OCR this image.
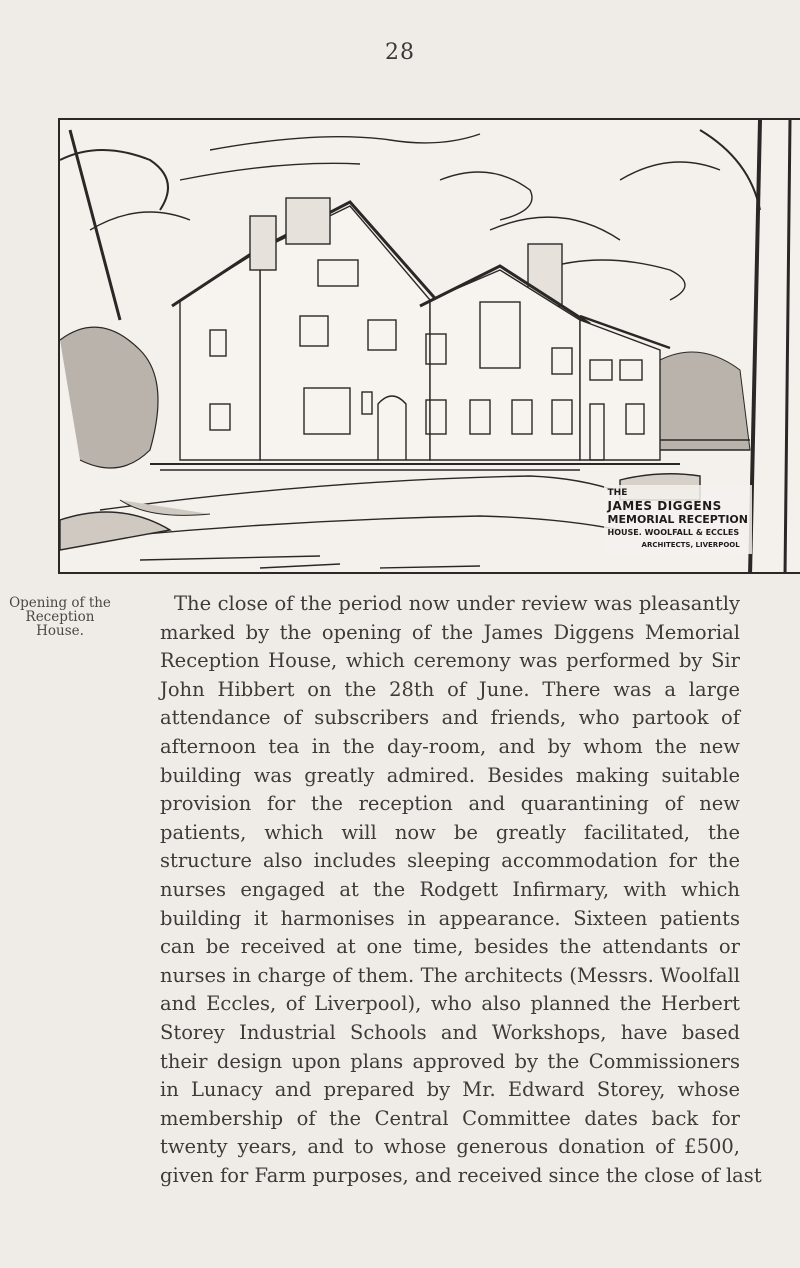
28
THE
JAMES DIGGENS
MEMORIAL RECEPTION
HOUSE. WOOLFALL & ECCLES
ARCHITECTS, LIVERPOOL
Opening of the
Reception
House.
The close of the period now under review was pleasantly
marked by the opening of the James Diggens Memorial
Reception House, which ceremony was performed by Sir
John Hibbert on the 28th of June. There was a large
attendance of subscribers and friends, who partook of
afternoon tea in the day-room, and by whom the new
building was greatly admired. Besides making suitable
provision for the reception and quarantining of new
patients, which will now be greatly facilitated, the
structure also includes sleeping accommodation for the
nurses engaged at the Rodgett Infirmary, with which
building it harmonises in appearance. Sixteen patients
can be received at one time, besides the attendants or
nurses in charge of them. The architects (Messrs. Woolfall
and Eccles, of Liverpool), who also planned the Herbert
Storey Industrial Schools and Workshops, have based
their design upon plans approved by the Commissioners
in Lunacy and prepared by Mr. Edward Storey, whose
membership of the Central Committee dates back for
twenty years, and to whose generous donation of £500,
given for Farm purposes, and received since the close of last
